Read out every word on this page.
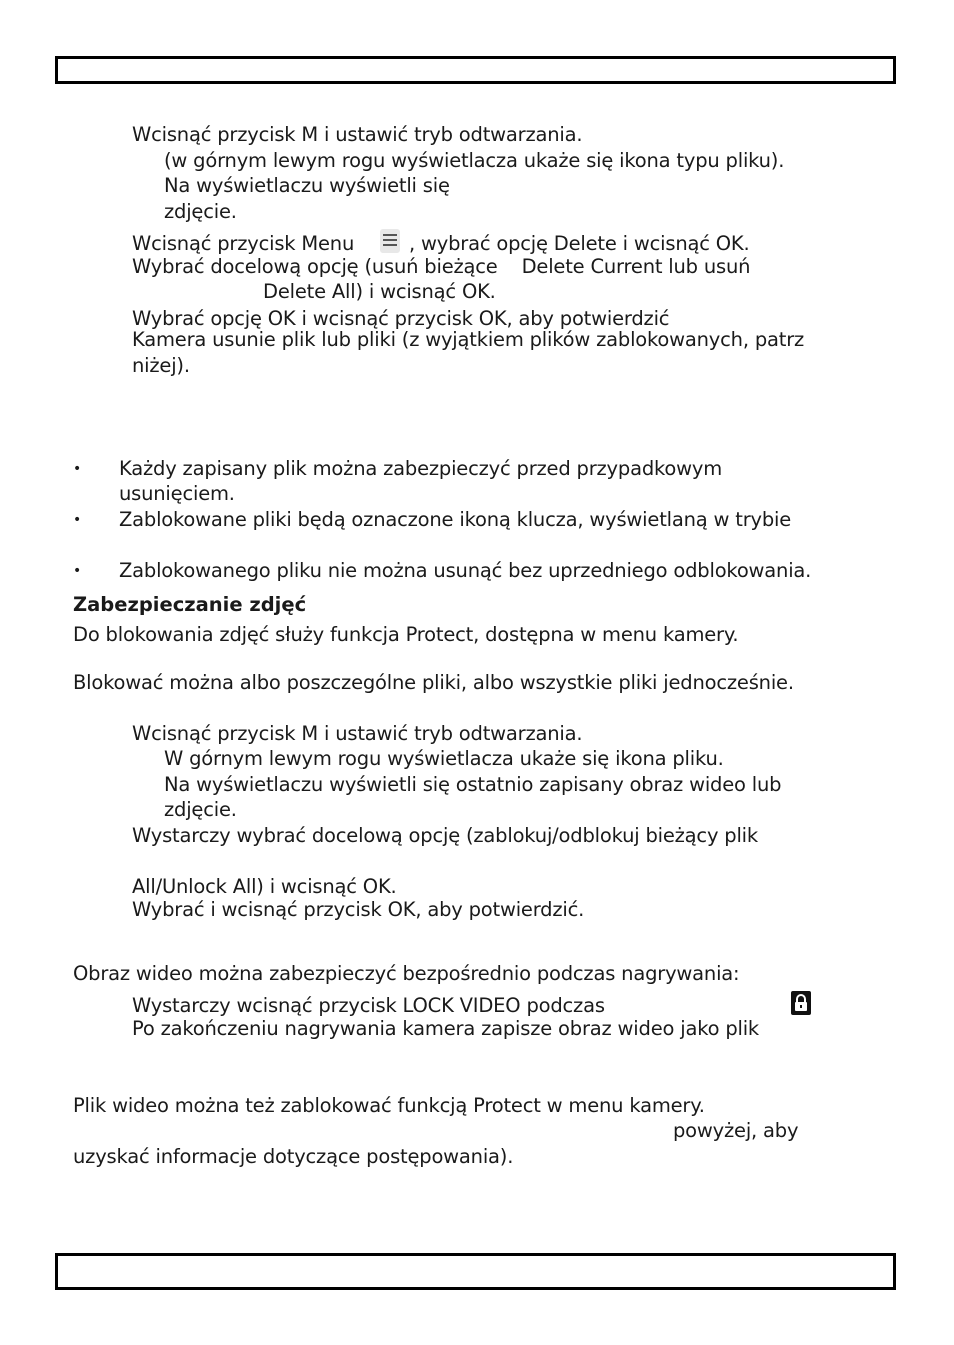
Wcisnąć przycisk M i ustawić tryb odtwarzania.
(w górnym lewym rogu wyświetlacza ukaże się ikona typu pliku).
Na wyświetlaczu wyświetli się
zdjęcie.
Wcisnąć przycisk Menu	, wybrać opcję Delete i wcisnąć OK.
Wybrać docelową opcję (usuń bieżące    Delete Current lub usuń
Delete All) i wcisnąć OK.
Wybrać opcję OK i wcisnąć przycisk OK, aby potwierdzić
Kamera usunie plik lub pliki (z wyjątkiem plików zablokowanych, patrz
niżej).
• Każdy zapisany plik można zabezpieczyć przed przypadkowym
usunięciem.
• Zablokowane pliki będą oznaczone ikoną klucza, wyświetlaną w trybie
• Zablokowanego pliku nie można usunąć bez uprzedniego odblokowania.
Zabezpieczanie zdjęć
Do blokowania zdjęć służy funkcja Protect, dostępna w menu kamery.
Blokować można albo poszczególne pliki, albo wszystkie pliki jednocześnie.
Wcisnąć przycisk M i ustawić tryb odtwarzania.
W górnym lewym rogu wyświetlacza ukaże się ikona pliku.
Na wyświetlaczu wyświetli się ostatnio zapisany obraz wideo lub
zdjęcie.
Wystarczy wybrać docelową opcję (zablokuj/odblokuj bieżący plik
All/Unlock All) i wcisnąć OK.
Wybrać i wcisnąć przycisk OK, aby potwierdzić.
Obraz wideo można zabezpieczyć bezpośrednio podczas nagrywania:
Wystarczy wcisnąć przycisk LOCK VIDEO podczas
Po zakończeniu nagrywania kamera zapisze obraz wideo jako plik
Plik wideo można też zablokować funkcją Protect w menu kamery.
powyżej, aby
uzyskać informacje dotyczące postępowania).
